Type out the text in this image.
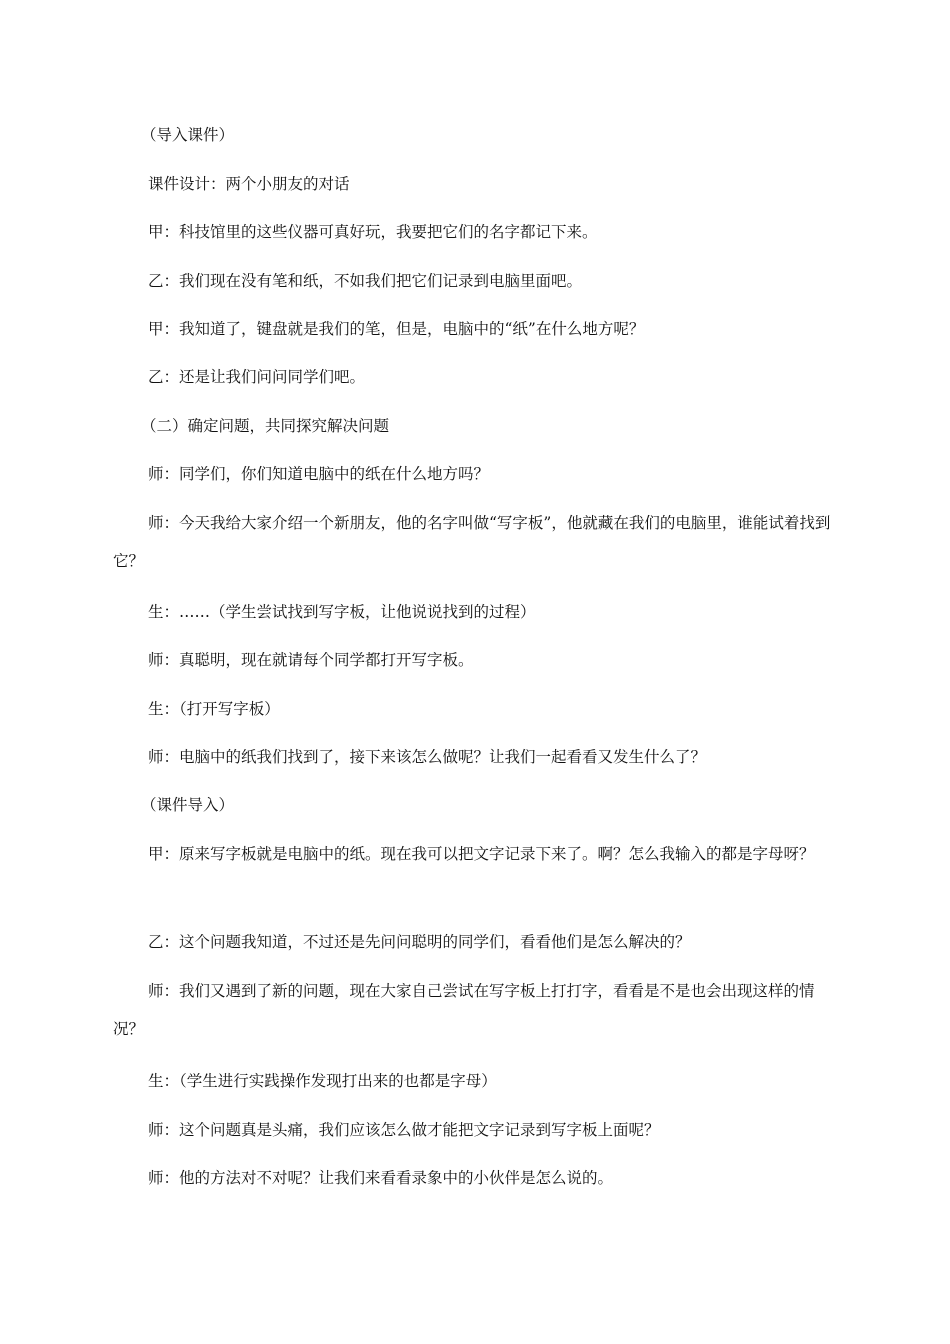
（导入课件）

课件设计：两个小朋友的对话

甲：科技馆里的这些仪器可真好玩，我要把它们的名字都记下来。

乙：我们现在没有笔和纸，不如我们把它们记录到电脑里面吧。

甲：我知道了，键盘就是我们的笔，但是，电脑中的“纸”在什么地方呢？

乙：还是让我们问问同学们吧。

（二）确定问题，共同探究解决问题

师：同学们，你们知道电脑中的纸在什么地方吗？

师：今天我给大家介绍一个新朋友，他的名字叫做“写字板”，他就藏在我们的电脑里，谁能试着找到它？

生：……（学生尝试找到写字板，让他说说找到的过程）

师：真聪明，现在就请每个同学都打开写字板。

生：（打开写字板）

师：电脑中的纸我们找到了，接下来该怎么做呢？让我们一起看看又发生什么了？

（课件导入）

甲：原来写字板就是电脑中的纸。现在我可以把文字记录下来了。啊？怎么我输入的都是字母呀？

乙：这个问题我知道，不过还是先问问聪明的同学们，看看他们是怎么解决的？

师：我们又遇到了新的问题，现在大家自己尝试在写字板上打打字，看看是不是也会出现这样的情况？

生：（学生进行实践操作发现打出来的也都是字母）

师：这个问题真是头痛，我们应该怎么做才能把文字记录到写字板上面呢？

师：他的方法对不对呢？让我们来看看录象中的小伙伴是怎么说的。
